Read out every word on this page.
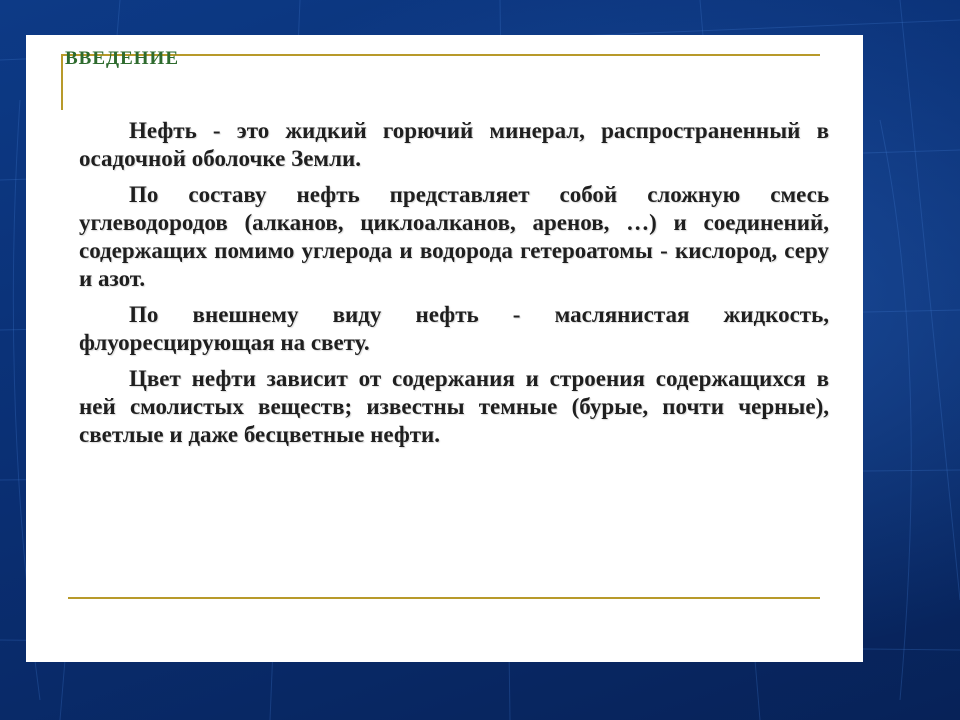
ВВЕДЕНИЕ

Нефть - это жидкий горючий минерал, распространенный в осадочной оболочке Земли.

По составу нефть представляет собой сложную смесь углеводородов (алканов, циклоалканов, аренов, …) и соединений, содержащих помимо углерода и водорода гетероатомы - кислород, серу и азот.

По внешнему виду нефть - маслянистая жидкость, флуоресцирующая на свету.

Цвет нефти зависит от содержания и строения содержащихся в ней смолистых веществ; известны темные (бурые, почти черные), светлые и даже бесцветные нефти.
